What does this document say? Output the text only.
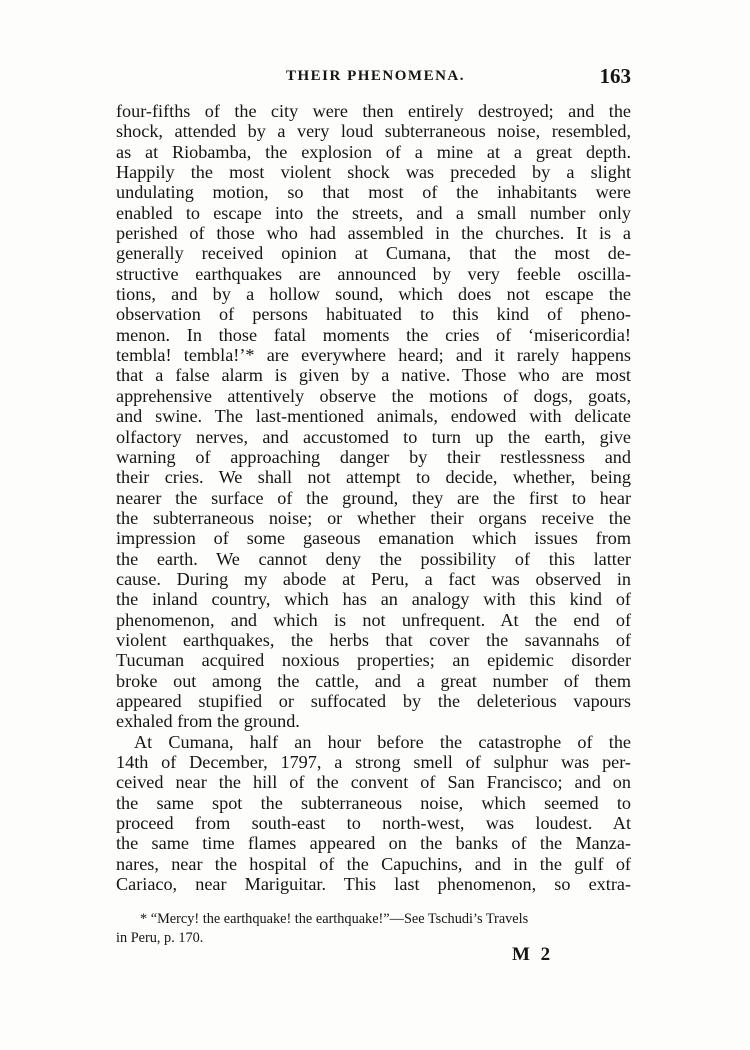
THEIR PHENOMENA.	163
four-fifths of the city were then entirely destroyed; and the
shock, attended by a very loud subterraneous noise, resembled,
as at Riobamba, the explosion of a mine at a great depth.
Happily the most violent shock was preceded by a slight
undulating motion, so that most of the inhabitants were
enabled to escape into the streets, and a small number only
perished of those who had assembled in the churches. It is a
generally received opinion at Cumana, that the most de-
structive earthquakes are announced by very feeble oscilla-
tions, and by a hollow sound, which does not escape the
observation of persons habituated to this kind of pheno-
menon. In those fatal moments the cries of ‘misericordia!
tembla! tembla!’* are everywhere heard; and it rarely happens
that a false alarm is given by a native. Those who are most
apprehensive attentively observe the motions of dogs, goats,
and swine. The last-mentioned animals, endowed with delicate
olfactory nerves, and accustomed to turn up the earth, give
warning of approaching danger by their restlessness and
their cries. We shall not attempt to decide, whether, being
nearer the surface of the ground, they are the first to hear
the subterraneous noise; or whether their organs receive the
impression of some gaseous emanation which issues from
the earth. We cannot deny the possibility of this latter
cause. During my abode at Peru, a fact was observed in
the inland country, which has an analogy with this kind of
phenomenon, and which is not unfrequent. At the end of
violent earthquakes, the herbs that cover the savannahs of
Tucuman acquired noxious properties; an epidemic disorder
broke out among the cattle, and a great number of them
appeared stupified or suffocated by the deleterious vapours
exhaled from the ground.
At Cumana, half an hour before the catastrophe of the
14th of December, 1797, a strong smell of sulphur was per-
ceived near the hill of the convent of San Francisco; and on
the same spot the subterraneous noise, which seemed to
proceed from south-east to north-west, was loudest. At
the same time flames appeared on the banks of the Manza-
nares, near the hospital of the Capuchins, and in the gulf of
Cariaco, near Mariguitar. This last phenomenon, so extra-
* “Mercy! the earthquake! the earthquake!”—See Tschudi’s Travels
in Peru, p. 170.
M 2
